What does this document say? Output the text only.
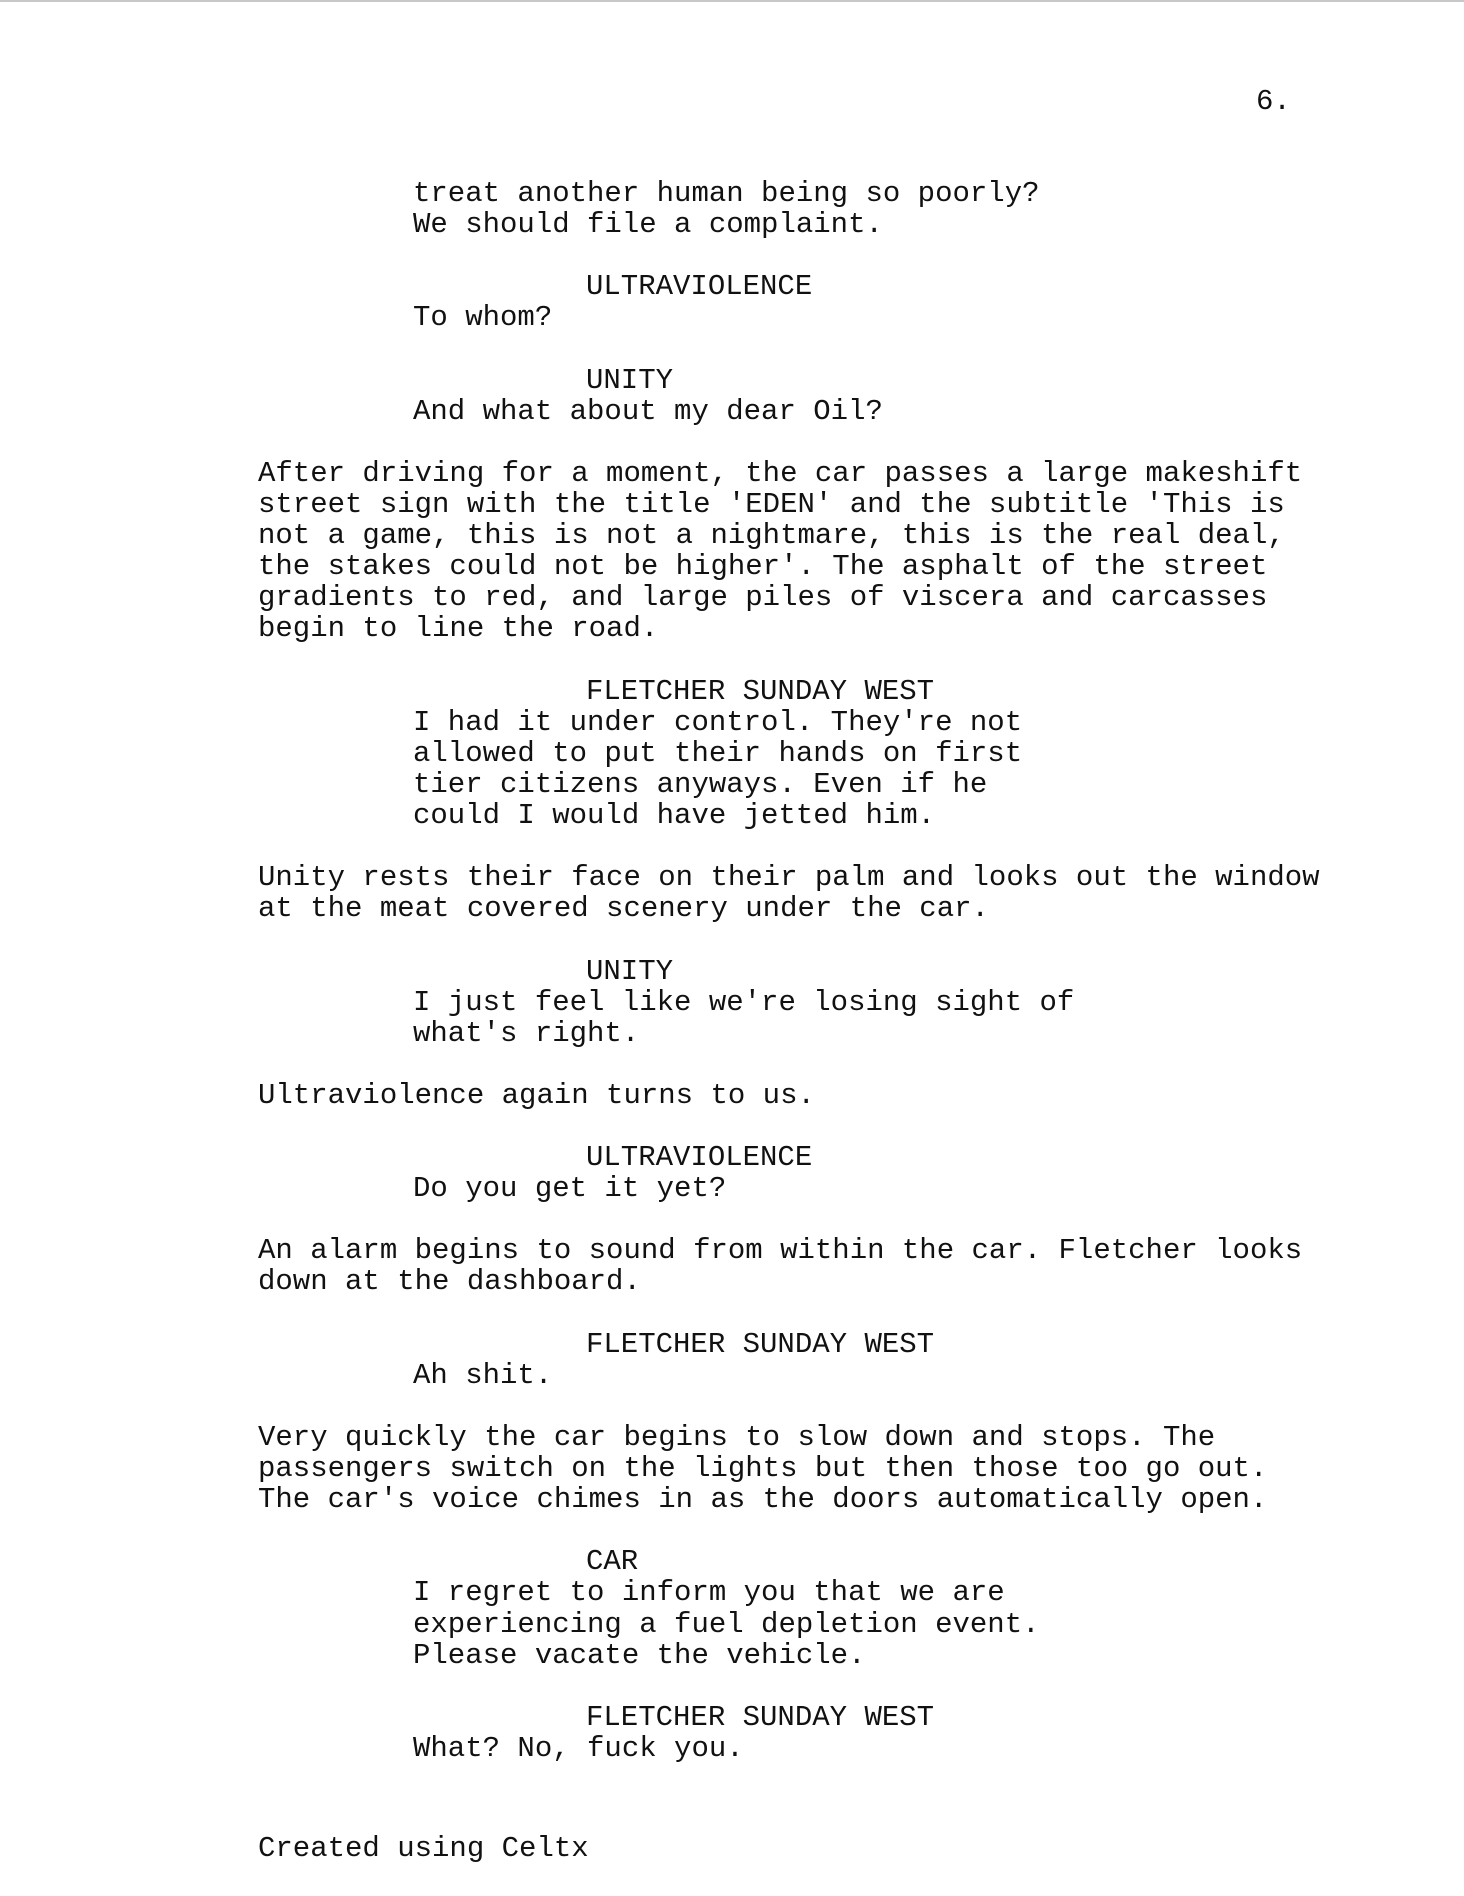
6.
treat another human being so poorly?
We should file a complaint.
ULTRAVIOLENCE
To whom?
UNITY
And what about my dear Oil?
After driving for a moment, the car passes a large makeshift
street sign with the title 'EDEN' and the subtitle 'This is
not a game, this is not a nightmare, this is the real deal,
the stakes could not be higher'. The asphalt of the street
gradients to red, and large piles of viscera and carcasses
begin to line the road.
FLETCHER SUNDAY WEST
I had it under control. They're not
allowed to put their hands on first
tier citizens anyways. Even if he
could I would have jetted him.
Unity rests their face on their palm and looks out the window
at the meat covered scenery under the car.
UNITY
I just feel like we're losing sight of
what's right.
Ultraviolence again turns to us.
ULTRAVIOLENCE
Do you get it yet?
An alarm begins to sound from within the car. Fletcher looks
down at the dashboard.
FLETCHER SUNDAY WEST
Ah shit.
Very quickly the car begins to slow down and stops. The
passengers switch on the lights but then those too go out.
The car's voice chimes in as the doors automatically open.
CAR
I regret to inform you that we are
experiencing a fuel depletion event.
Please vacate the vehicle.
FLETCHER SUNDAY WEST
What? No, fuck you.
Created using Celtx
